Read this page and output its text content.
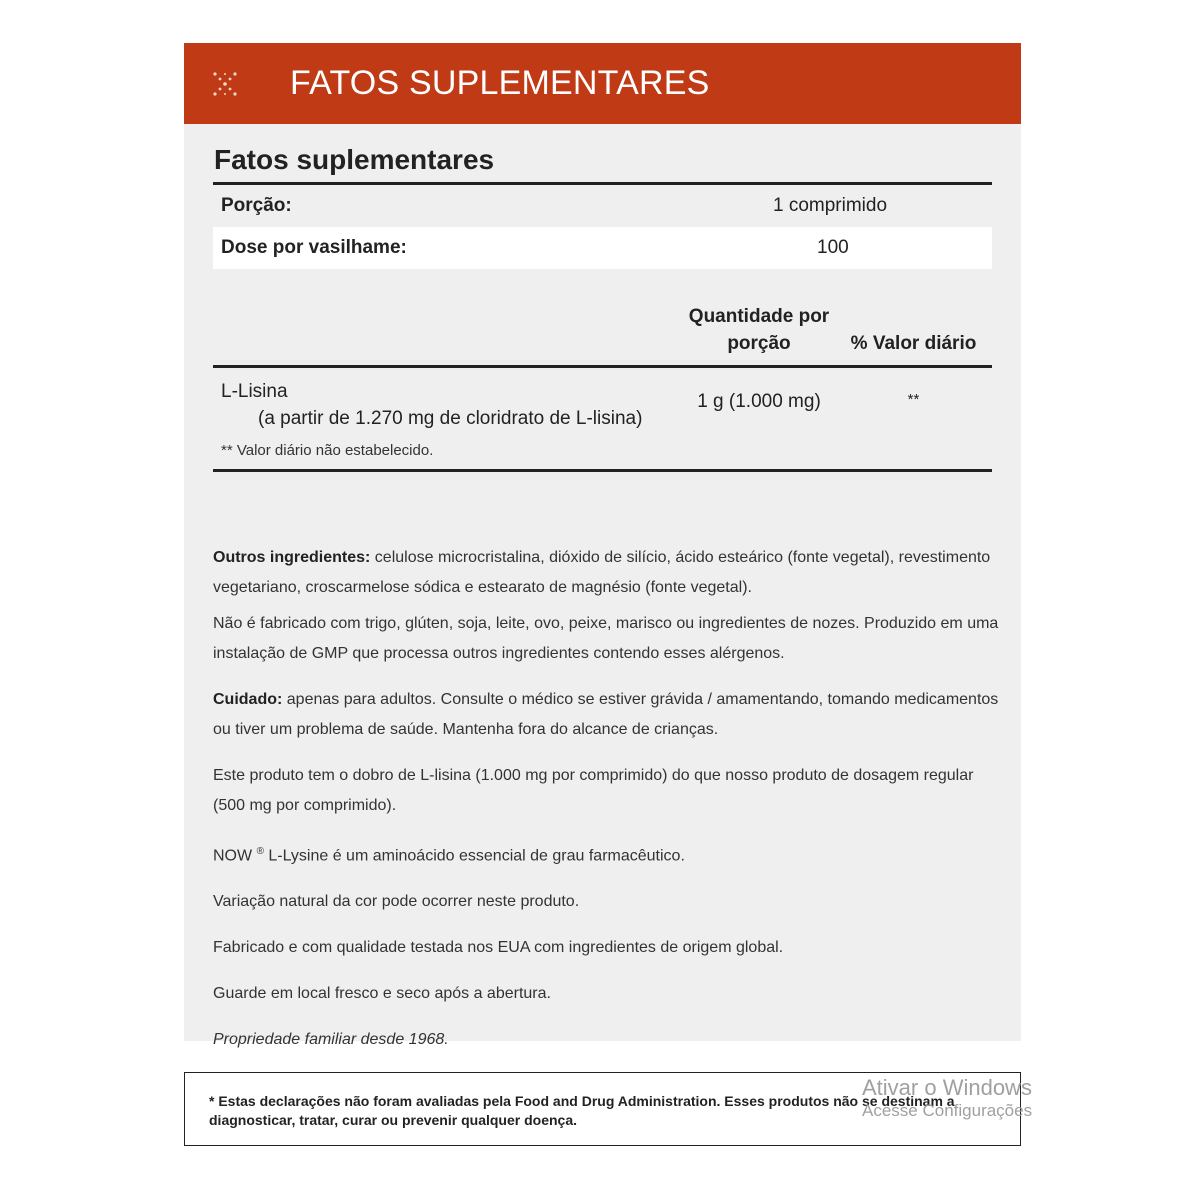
FATOS SUPLEMENTARES
Fatos suplementares
Porção:	1 comprimido
Dose por vasilhame:	100
Quantidade por
porção	% Valor diário
L-Lisina
(a partir de 1.270 mg de cloridrato de L-lisina)
1 g (1.000 mg)	**
** Valor diário não estabelecido.

Outros ingredientes: celulose microcristalina, dióxido de silício, ácido esteárico (fonte vegetal), revestimento vegetariano, croscarmelose sódica e estearato de magnésio (fonte vegetal).

Não é fabricado com trigo, glúten, soja, leite, ovo, peixe, marisco ou ingredientes de nozes. Produzido em uma instalação de GMP que processa outros ingredientes contendo esses alérgenos.

Cuidado: apenas para adultos. Consulte o médico se estiver grávida / amamentando, tomando medicamentos ou tiver um problema de saúde. Mantenha fora do alcance de crianças.

Este produto tem o dobro de L-lisina (1.000 mg por comprimido) do que nosso produto de dosagem regular (500 mg por comprimido).

NOW ® L-Lysine é um aminoácido essencial de grau farmacêutico.

Variação natural da cor pode ocorrer neste produto.

Fabricado e com qualidade testada nos EUA com ingredientes de origem global.

Guarde em local fresco e seco após a abertura.

Propriedade familiar desde 1968.

* Estas declarações não foram avaliadas pela Food and Drug Administration. Esses produtos não se destinam a
diagnosticar, tratar, curar ou prevenir qualquer doença.
Ativar o Windows
Acesse Configurações
